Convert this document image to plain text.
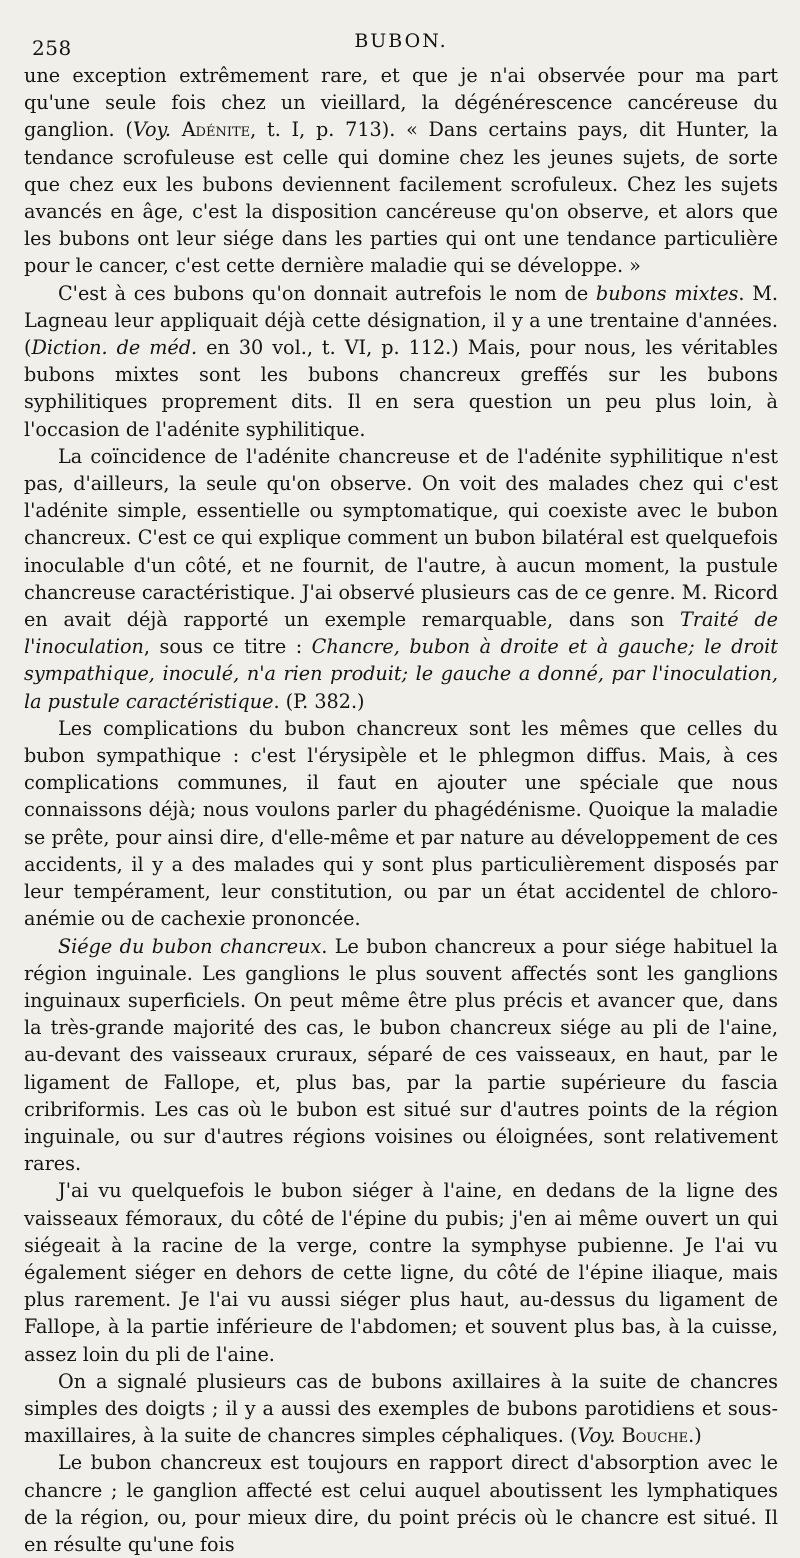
258	BUBON.

une exception extrêmement rare, et que je n'ai observée pour ma part qu'une seule fois chez un vieillard, la dégénérescence cancéreuse du ganglion. (Voy. Adénite, t. I, p. 713). « Dans certains pays, dit Hunter, la tendance scrofuleuse est celle qui domine chez les jeunes sujets, de sorte que chez eux les bubons deviennent facilement scrofuleux. Chez les sujets avancés en âge, c'est la disposition cancéreuse qu'on observe, et alors que les bubons ont leur siége dans les parties qui ont une tendance particulière pour le cancer, c'est cette dernière maladie qui se développe. »

C'est à ces bubons qu'on donnait autrefois le nom de bubons mixtes. M. Lagneau leur appliquait déjà cette désignation, il y a une trentaine d'années. (Diction. de méd. en 30 vol., t. VI, p. 112.) Mais, pour nous, les véritables bubons mixtes sont les bubons chancreux greffés sur les bubons syphilitiques proprement dits. Il en sera question un peu plus loin, à l'occasion de l'adénite syphilitique.

La coïncidence de l'adénite chancreuse et de l'adénite syphilitique n'est pas, d'ailleurs, la seule qu'on observe. On voit des malades chez qui c'est l'adénite simple, essentielle ou symptomatique, qui coexiste avec le bubon chancreux. C'est ce qui explique comment un bubon bilatéral est quelquefois inoculable d'un côté, et ne fournit, de l'autre, à aucun moment, la pustule chancreuse caractéristique. J'ai observé plusieurs cas de ce genre. M. Ricord en avait déjà rapporté un exemple remarquable, dans son Traité de l'inoculation, sous ce titre : Chancre, bubon à droite et à gauche; le droit sympathique, inoculé, n'a rien produit; le gauche a donné, par l'inoculation, la pustule caractéristique. (P. 382.)

Les complications du bubon chancreux sont les mêmes que celles du bubon sympathique : c'est l'érysipèle et le phlegmon diffus. Mais, à ces complications communes, il faut en ajouter une spéciale que nous connaissons déjà; nous voulons parler du phagédénisme. Quoique la maladie se prête, pour ainsi dire, d'elle-même et par nature au développement de ces accidents, il y a des malades qui y sont plus particulièrement disposés par leur tempérament, leur constitution, ou par un état accidentel de chloro-anémie ou de cachexie prononcée.

Siége du bubon chancreux. Le bubon chancreux a pour siége habituel la région inguinale. Les ganglions le plus souvent affectés sont les ganglions inguinaux superficiels. On peut même être plus précis et avancer que, dans la très-grande majorité des cas, le bubon chancreux siége au pli de l'aine, au-devant des vaisseaux cruraux, séparé de ces vaisseaux, en haut, par le ligament de Fallope, et, plus bas, par la partie supérieure du fascia cribriformis. Les cas où le bubon est situé sur d'autres points de la région inguinale, ou sur d'autres régions voisines ou éloignées, sont relativement rares.

J'ai vu quelquefois le bubon siéger à l'aine, en dedans de la ligne des vaisseaux fémoraux, du côté de l'épine du pubis; j'en ai même ouvert un qui siégeait à la racine de la verge, contre la symphyse pubienne. Je l'ai vu également siéger en dehors de cette ligne, du côté de l'épine iliaque, mais plus rarement. Je l'ai vu aussi siéger plus haut, au-dessus du ligament de Fallope, à la partie inférieure de l'abdomen; et souvent plus bas, à la cuisse, assez loin du pli de l'aine.

On a signalé plusieurs cas de bubons axillaires à la suite de chancres simples des doigts ; il y a aussi des exemples de bubons parotidiens et sous-maxillaires, à la suite de chancres simples céphaliques. (Voy. Bouche.)

Le bubon chancreux est toujours en rapport direct d'absorption avec le chancre ; le ganglion affecté est celui auquel aboutissent les lymphatiques de la région, ou, pour mieux dire, du point précis où le chancre est situé. Il en résulte qu'une fois
